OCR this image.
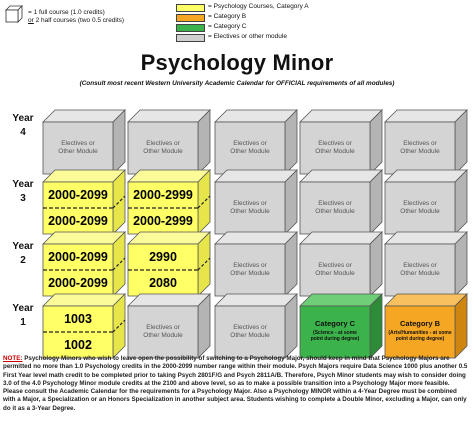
= 1 full course (1.0 credits)
or 2 half courses (two 0.5 credits)
= Psychology Courses, Category A
= Category B
= Category C
= Electives or other module
Psychology Minor
(Consult most recent Western University Academic Calendar for OFFICIAL requirements of all modules)
Year
4
Year
3
Year
2
Year
1
Electives or
Other Module
Electives or
Other Module
Electives or
Other Module
Electives or
Other Module
Electives or
Other Module
2000-2099
2000-2099
2000-2999
2000-2999
Electives or
Other Module
Electives or
Other Module
Electives or
Other Module
2000-2099
2000-2099
2990
2080
Electives or
Other Module
Electives or
Other Module
Electives or
Other Module
1003
1002
Electives or
Other Module
Electives or
Other Module
Category C
(Science - at some
point during degree)
Category B
(Arts/Humanities - at some
point during degree)
NOTE: Psychology Minors who wish to leave open the possibility of switching to a Psychology Major, should keep in mind that Psychology Majors are permitted no more than 1.0 Psychology credits in the 2000-2099 number range within their module. Psych Majors require Data Science 1000 plus another 0.5 First Year level math credit to be completed prior to taking Psych 2801F/G and Psych 2811A/B. Therefore, Psych Minor students may wish to consider doing 3.0 of the 4.0 Psychology Minor module credits at the 2100 and above level, so as to make a possible transition into a Psychology Major more feasible. Please consult the Academic Calendar for the requirements for a Psychology Major. Also a Psychology MINOR within a 4-Year Degree must be combined with a Major, a Specialization or an Honors Specialization in another subject area. Students wishing to complete a Double Minor, excluding a Major, can only do it as a 3-Year Degree.
